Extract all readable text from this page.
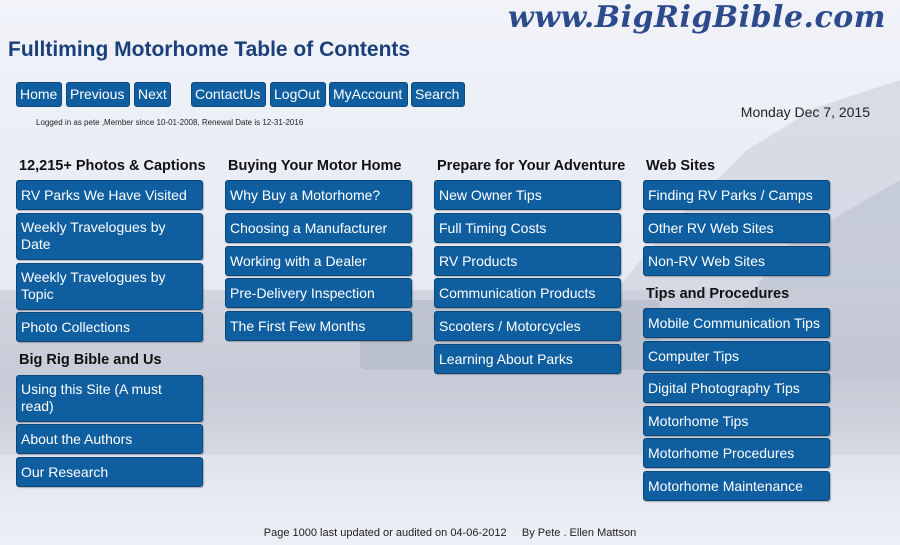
www.BigRigBible.com
Fulltiming Motorhome Table of Contents
Home Previous Next	ContactUs LogOut MyAccount Search
Logged in as pete ,Member since 10-01-2008, Renewal Date is 12-31-2016
Monday Dec 7, 2015
12,215+ Photos & Captions
RV Parks We Have Visited
Weekly Travelogues by Date
Weekly Travelogues by Topic
Photo Collections
Big Rig Bible and Us
Using this Site (A must read)
About the Authors
Our Research
Buying Your Motor Home
Why Buy a Motorhome?
Choosing a Manufacturer
Working with a Dealer
Pre-Delivery Inspection
The First Few Months
Prepare for Your Adventure
New Owner Tips
Full Timing Costs
RV Products
Communication Products
Scooters / Motorcycles
Learning About Parks
Web Sites
Finding RV Parks / Camps
Other RV Web Sites
Non-RV Web Sites
Tips and Procedures
Mobile Communication Tips
Computer Tips
Digital Photography Tips
Motorhome Tips
Motorhome Procedures
Motorhome Maintenance
Page 1000 last updated or audited on 04-06-2012     By Pete . Ellen Mattson
